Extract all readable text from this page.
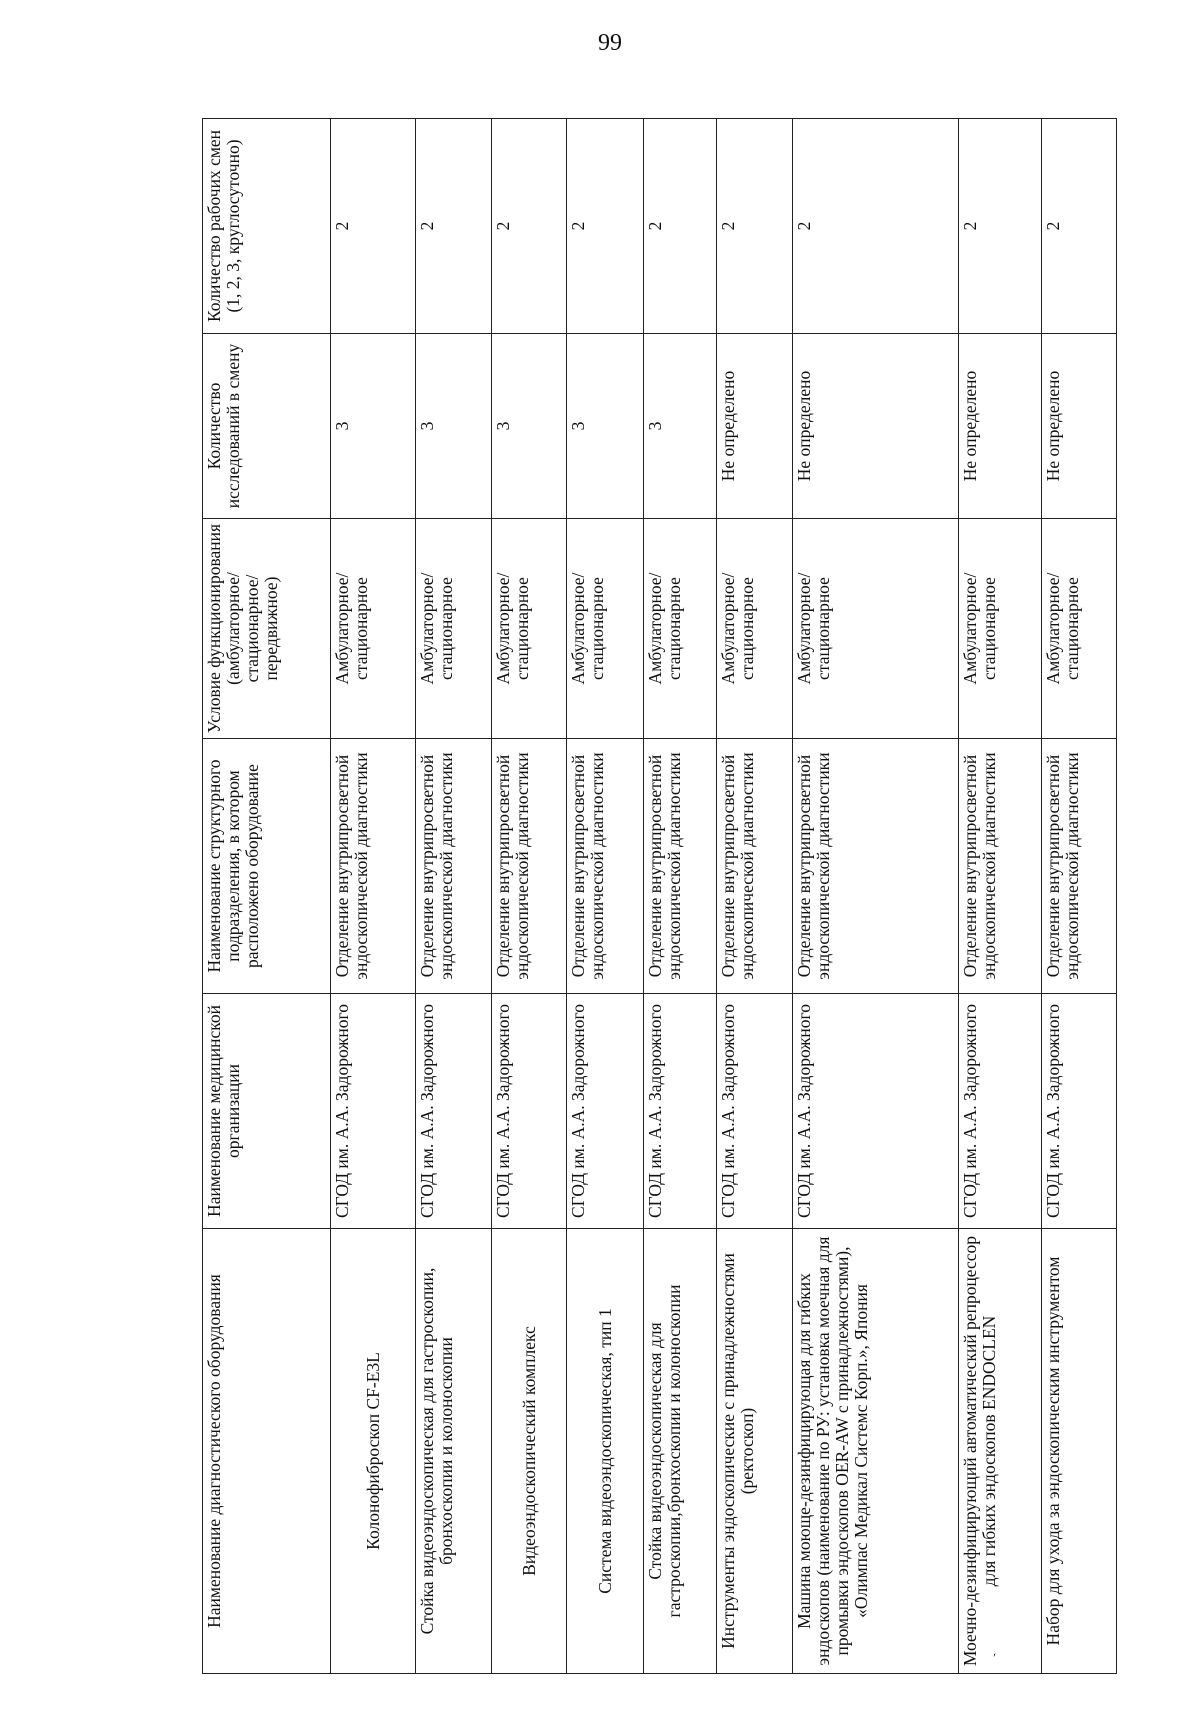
99
Наименование диагностического оборудования	Наименование медицинской организации	Наименование структурного подразделения, в котором расположено оборудование	Условие функционирования (амбулаторное/ стационарное/ передвижное)	Количество исследований в смену	Количество рабочих смен (1, 2, 3, круглосуточно)
Колонофиброскоп CF-E3L	СГОД им. А.А. Задорожного	Отделение внутрипросветной эндоскопической диагностики	Амбулаторное/ стационарное	3	2
Стойка видеоэндоскопическая для гастроскопии, бронхоскопии и колоноскопии	СГОД им. А.А. Задорожного	Отделение внутрипросветной эндоскопической диагностики	Амбулаторное/ стационарное	3	2
Видеоэндоскопический комплекс	СГОД им. А.А. Задорожного	Отделение внутрипросветной эндоскопической диагностики	Амбулаторное/ стационарное	3	2
Система видеоэндоскопическая, тип 1	СГОД им. А.А. Задорожного	Отделение внутрипросветной эндоскопической диагностики	Амбулаторное/ стационарное	3	2
Стойка видеоэндоскопическая для гастроскопии,бронхоскопии и колоноскопии	СГОД им. А.А. Задорожного	Отделение внутрипросветной эндоскопической диагностики	Амбулаторное/ стационарное	3	2
Инструменты эндоскопические с принадлежностями (ректоскоп)	СГОД им. А.А. Задорожного	Отделение внутрипросветной эндоскопической диагностики	Амбулаторное/ стационарное	Не определено	2
Машина моюще-дезинфицирующая для гибких эндоскопов (наименование по РУ: установка моечная для промывки эндоскопов OER-AW с принадлежностями), «Олимпас Медикал Системс Корп.», Япония	СГОД им. А.А. Задорожного	Отделение внутрипросветной эндоскопической диагностики	Амбулаторное/ стационарное	Не определено	2
Моечно-дезинфицирующий автоматический репроцессор для гибких эндоскопов ENDOCLEN	СГОД им. А.А. Задорожного	Отделение внутрипросветной эндоскопической диагностики	Амбулаторное/ стационарное	Не определено	2
Набор для ухода за эндоскопическим инструментом	СГОД им. А.А. Задорожного	Отделение внутрипросветной эндоскопической диагностики	Амбулаторное/ стационарное	Не определено	2
ˊ
